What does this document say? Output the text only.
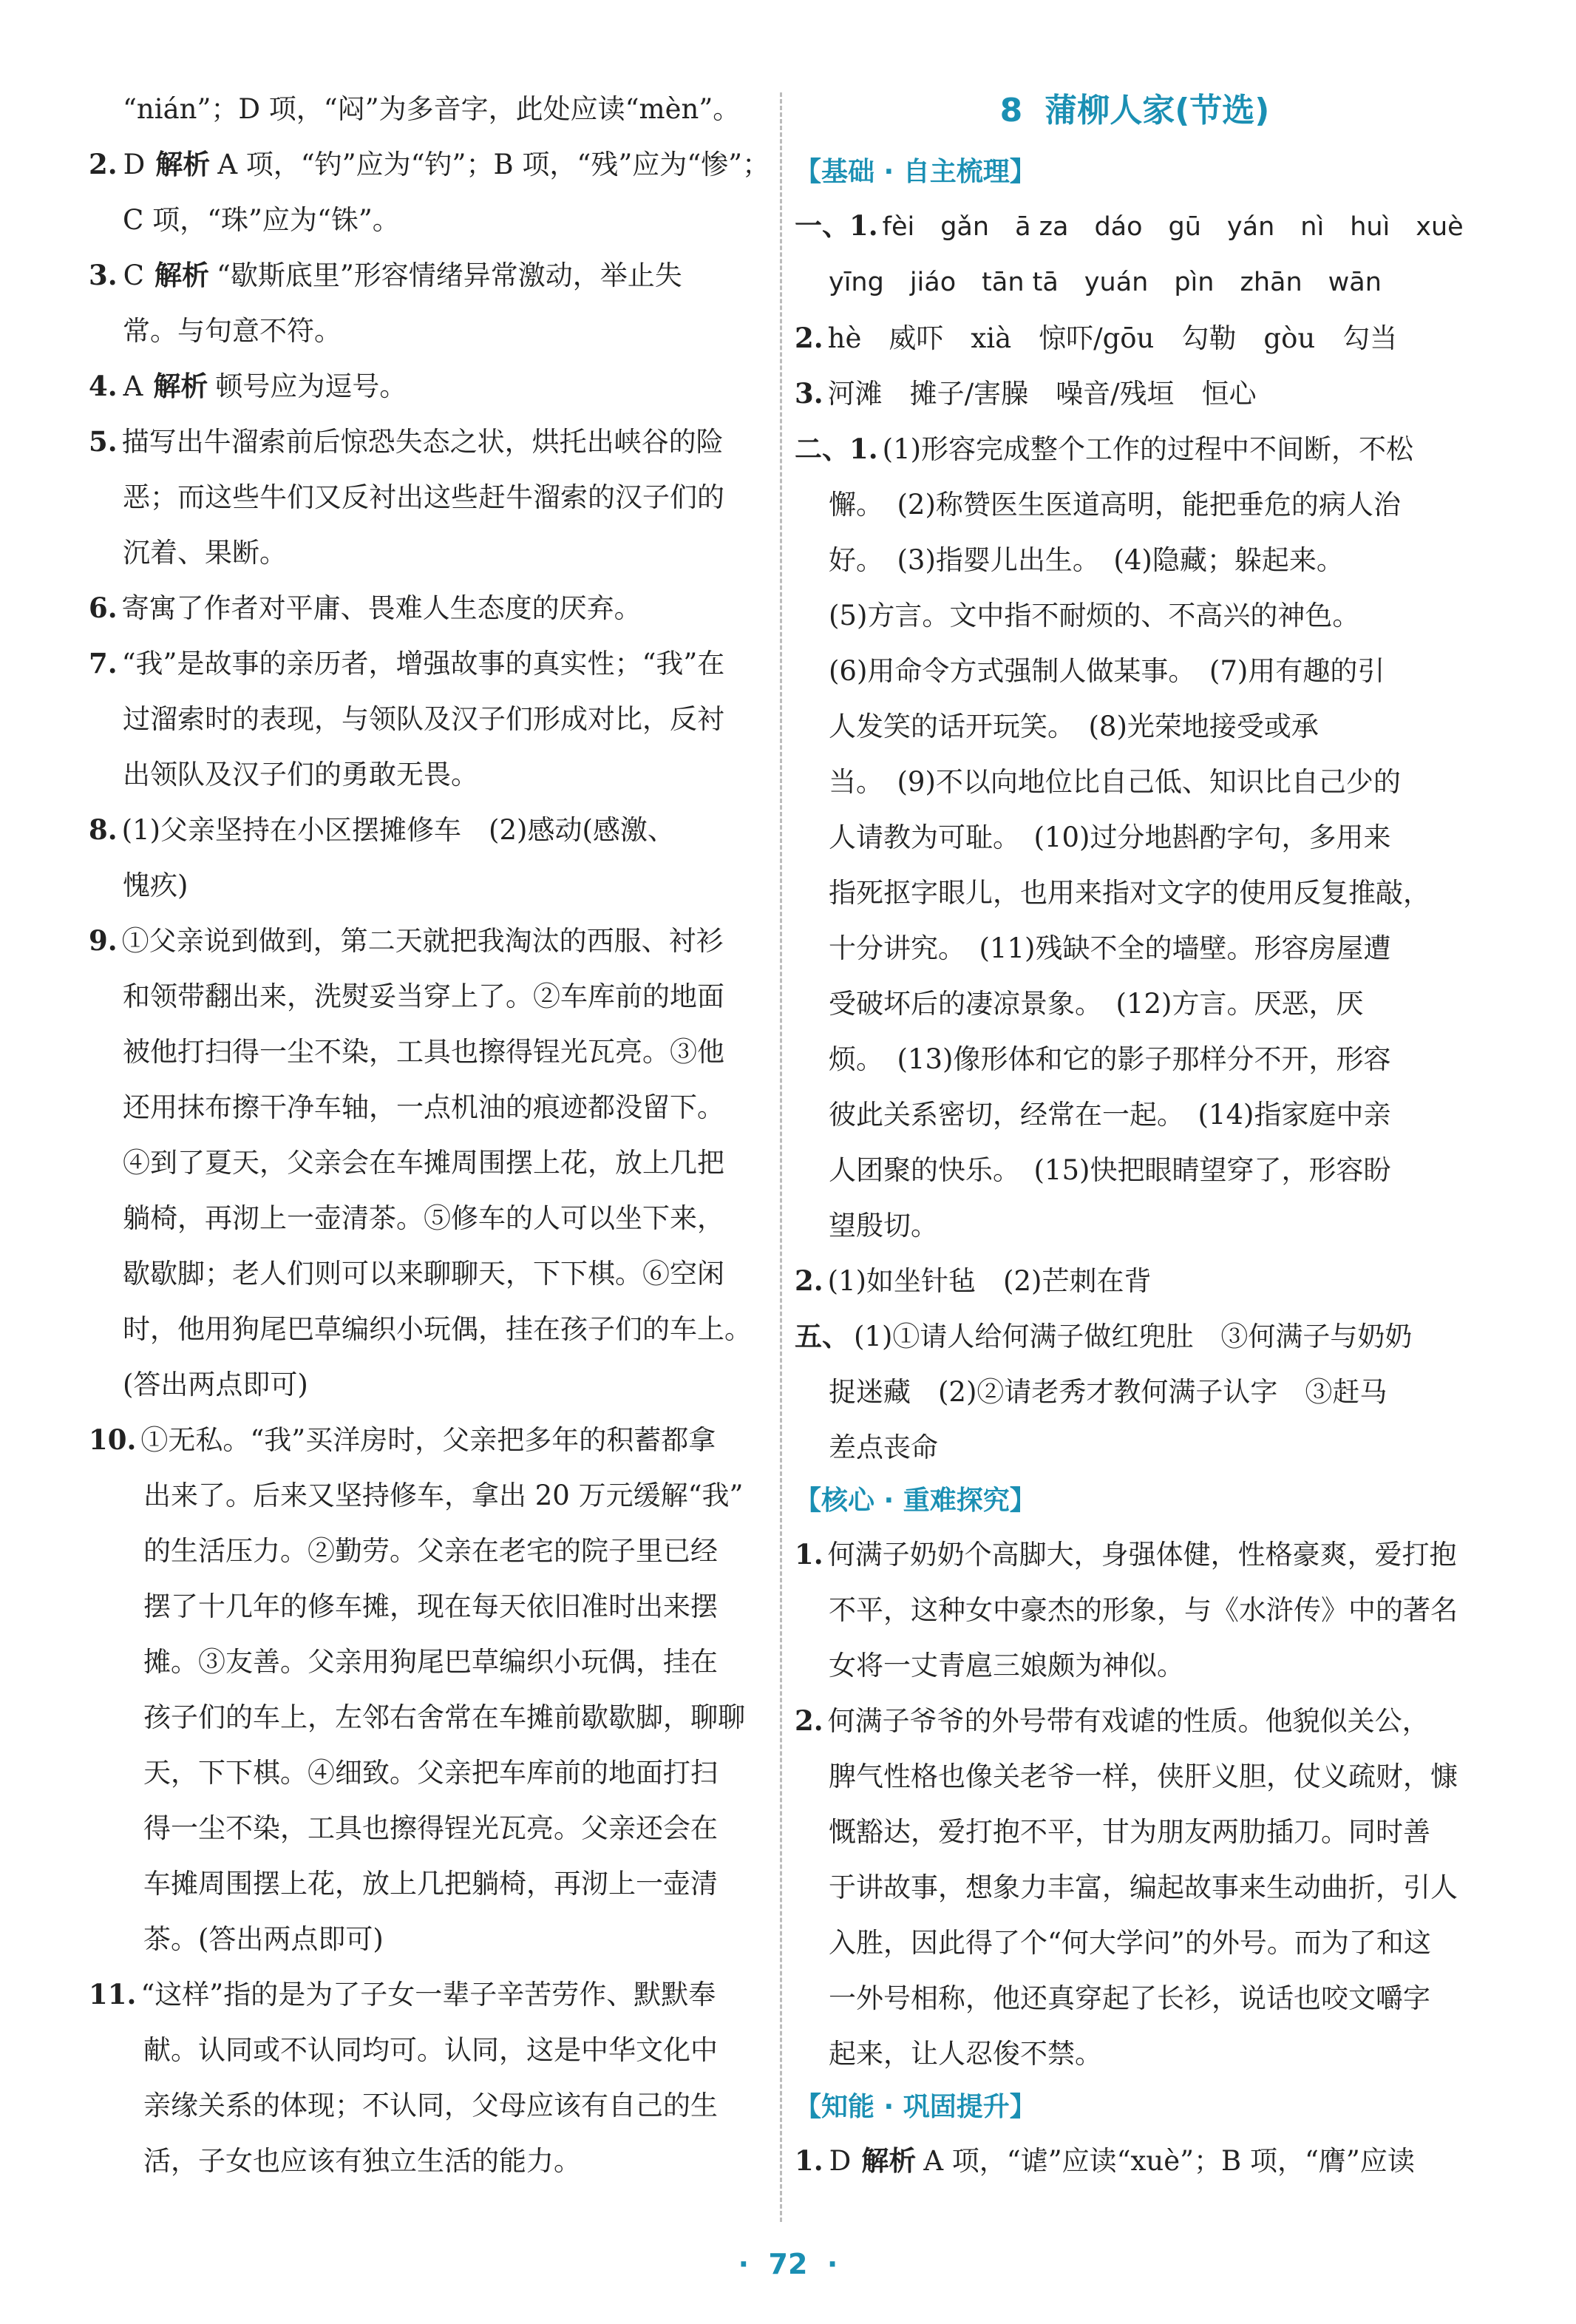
“nián”；D 项，“闷”为多音字，此处应读“mèn”。
2. D 解析 A 项，“钓”应为“钓”；B 项，“残”应为“惨”；
C 项，“珠”应为“铢”。
3. C 解析 “歇斯底里”形容情绪异常激动，举止失
常。与句意不符。
4. A 解析 顿号应为逗号。
5. 描写出牛溜索前后惊恐失态之状，烘托出峡谷的险
恶；而这些牛们又反衬出这些赶牛溜索的汉子们的
沉着、果断。
6. 寄寓了作者对平庸、畏难人生态度的厌弃。
7. “我”是故事的亲历者，增强故事的真实性；“我”在
过溜索时的表现，与领队及汉子们形成对比，反衬
出领队及汉子们的勇敢无畏。
8. (1)父亲坚持在小区摆摊修车　(2)感动(感激、
愧疚)
9. ①父亲说到做到，第二天就把我淘汰的西服、衬衫
和领带翻出来，洗熨妥当穿上了。②车库前的地面
被他打扫得一尘不染，工具也擦得锃光瓦亮。③他
还用抹布擦干净车轴，一点机油的痕迹都没留下。
④到了夏天，父亲会在车摊周围摆上花，放上几把
躺椅，再沏上一壶清茶。⑤修车的人可以坐下来，
歇歇脚；老人们则可以来聊聊天，下下棋。⑥空闲
时，他用狗尾巴草编织小玩偶，挂在孩子们的车上。
(答出两点即可)
10. ①无私。“我”买洋房时，父亲把多年的积蓄都拿
出来了。后来又坚持修车，拿出 20 万元缓解“我”
的生活压力。②勤劳。父亲在老宅的院子里已经
摆了十几年的修车摊，现在每天依旧准时出来摆
摊。③友善。父亲用狗尾巴草编织小玩偶，挂在
孩子们的车上，左邻右舍常在车摊前歇歇脚，聊聊
天，下下棋。④细致。父亲把车库前的地面打扫
得一尘不染，工具也擦得锃光瓦亮。父亲还会在
车摊周围摆上花，放上几把躺椅，再沏上一壶清
茶。(答出两点即可)
11. “这样”指的是为了子女一辈子辛苦劳作、默默奉
献。认同或不认同均可。认同，这是中华文化中
亲缘关系的体现；不认同，父母应该有自己的生
活，子女也应该有独立生活的能力。
8 蒲柳人家(节选)
【基础 · 自主梳理】
一、1. fèi　gǎn　ā za　dáo　gū　yán　nì　huì　xuè
yīng　jiáo　tān tā　yuán　pìn　zhān　wān
2. hè　威吓　xià　惊吓/gōu　勾勒　gòu　勾当
3. 河滩　摊子/害臊　噪音/残垣　恒心
二、1. (1)形容完成整个工作的过程中不间断，不松
懈。　(2)称赞医生医道高明，能把垂危的病人治
好。　(3)指婴儿出生。　(4)隐藏；躲起来。
(5)方言。文中指不耐烦的、不高兴的神色。
(6)用命令方式强制人做某事。　(7)用有趣的引
人发笑的话开玩笑。　(8)光荣地接受或承
当。　(9)不以向地位比自己低、知识比自己少的
人请教为可耻。　(10)过分地斟酌字句，多用来
指死抠字眼儿，也用来指对文字的使用反复推敲，
十分讲究。　(11)残缺不全的墙壁。形容房屋遭
受破坏后的凄凉景象。　(12)方言。厌恶，厌
烦。　(13)像形体和它的影子那样分不开，形容
彼此关系密切，经常在一起。　(14)指家庭中亲
人团聚的快乐。　(15)快把眼睛望穿了，形容盼
望殷切。
2. (1)如坐针毡　(2)芒刺在背
五、 (1)①请人给何满子做红兜肚　③何满子与奶奶
捉迷藏　(2)②请老秀才教何满子认字　③赶马
差点丧命
【核心 · 重难探究】
1. 何满子奶奶个高脚大，身强体健，性格豪爽，爱打抱
不平，这种女中豪杰的形象，与《水浒传》中的著名
女将一丈青扈三娘颇为神似。
2. 何满子爷爷的外号带有戏谑的性质。他貌似关公，
脾气性格也像关老爷一样，侠肝义胆，仗义疏财，慷
慨豁达，爱打抱不平，甘为朋友两肋插刀。同时善
于讲故事，想象力丰富，编起故事来生动曲折，引人
入胜，因此得了个“何大学问”的外号。而为了和这
一外号相称，他还真穿起了长衫，说话也咬文嚼字
起来，让人忍俊不禁。
【知能 · 巩固提升】
1. D 解析 A 项，“谑”应读“xuè”；B 项，“膺”应读
·  72  ·
